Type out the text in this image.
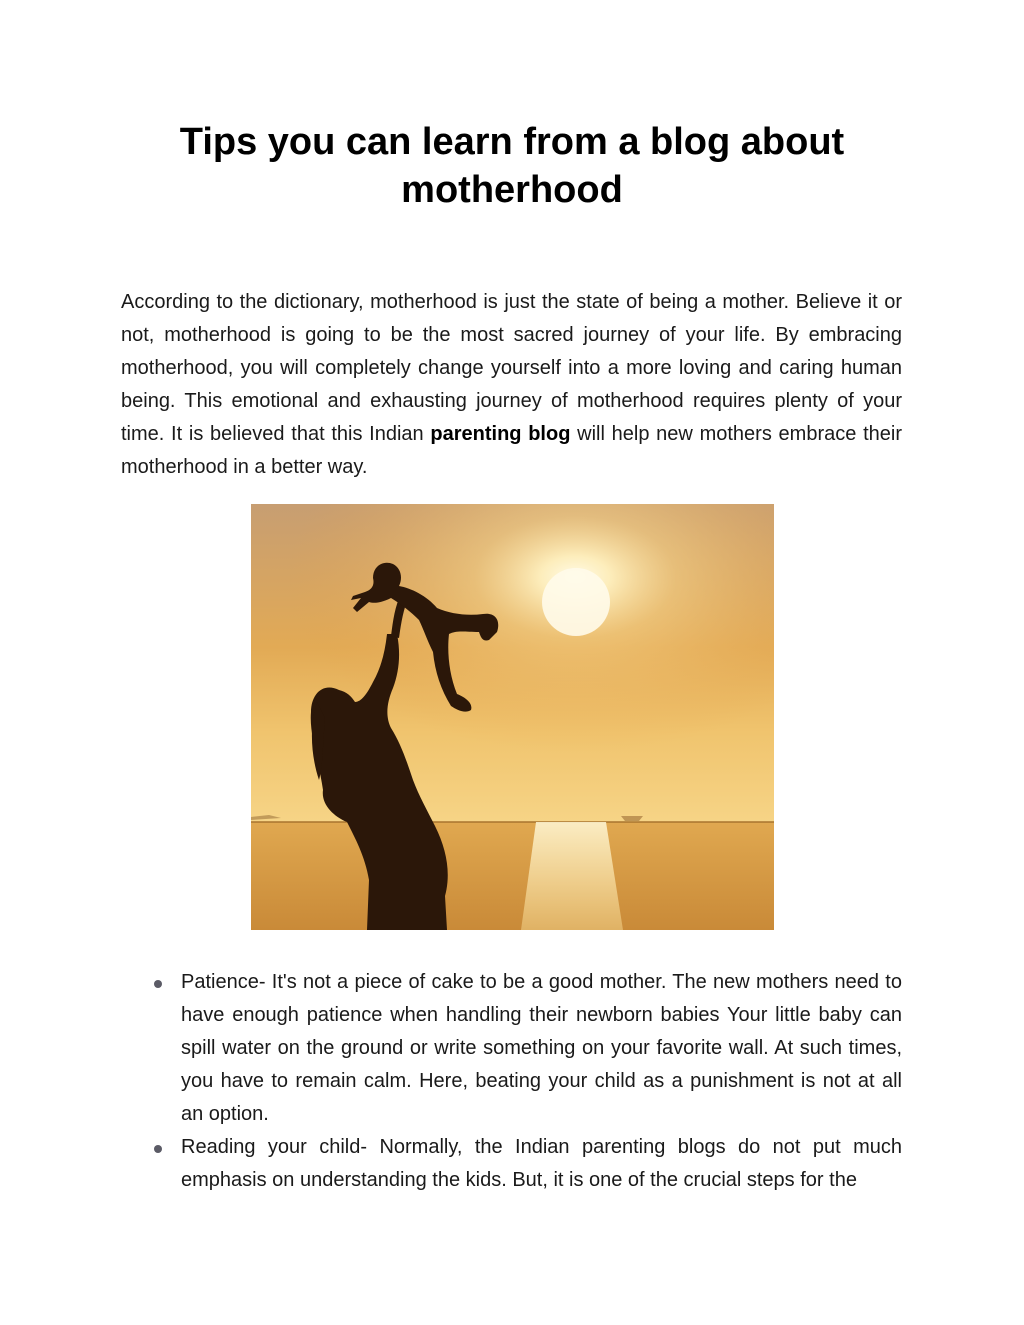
Tips you can learn from a blog about
motherhood

According to the dictionary, motherhood is just the state of being a mother. Believe it or not, motherhood is going to be the most sacred journey of your life. By embracing motherhood, you will completely change yourself into a more loving and caring human being. This emotional and exhausting journey of motherhood requires plenty of your time. It is believed that this Indian parenting blog will help new mothers embrace their motherhood in a better way.

Patience- It's not a piece of cake to be a good mother. The new mothers need to have enough patience when handling their newborn babies Your little baby can spill water on the ground or write something on your favorite wall. At such times, you have to remain calm. Here, beating your child as a punishment is not at all an option.
Reading your child- Normally, the Indian parenting blogs do not put much emphasis on understanding the kids. But, it is one of the crucial steps for the
